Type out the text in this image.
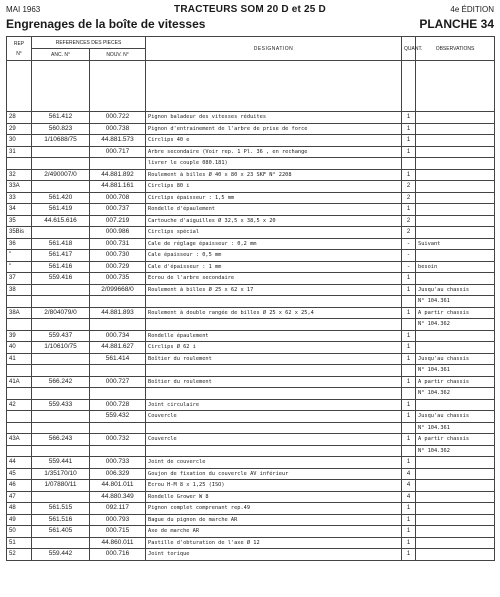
MAI 1963	TRACTEURS SOM 20 D et 25 D	4e ÉDITION
Engrenages de la boîte de vitesses	PLANCHE 34
REP
N°	REFERENCES DES PIECES		DESIGNATION	QUANT.	OBSERVATIONS
	ANC. N°	NOUV. N°			

28	561.412	000.722	Pignon baladeur des vitesses réduites	1	
29	560.823	000.738	Pignon d'entrainement de l'arbre de prise de force	1	
30	1/10688/75	44.881.573	Circlips 40 e	1	
31		000.717	Arbre secondaire (Voir rep. 1 Pl. 36 , en rechange	1	
			livrer le couple 080.181)		
32	2/490007/0	44.881.892	Roulement à billes Ø 40 x 80 x 23 SKF N° 2208	1	
33A		44.881.161	Circlips 80 i	2	
33	561.420	000.708	Circlips épaisseur : 1,5 mm	2	
34	561.419	000.737	Rondelle d'épaulement	1	
35	44.615.616	007.219	Cartouche d'aiguilles Ø 32,5 x 38,5 x 20	2	
35Bis		000.986	Circlips spécial	2	
36	561.418	000.731	Cale de réglage épaisseur : 0,2 mm	-	Suivant
"	561.417	000.730	Cale épaisseur : 0,5 mm	-	
"	561.416	000.729	Cale d'épaisseur : 1 mm	-	besoin
37	559.416	000.735	Ecrou de l'arbre secondaire	1	
38		2/099668/0	Roulement à billes Ø 25 x 62 x 17	1	Jusqu'au chassis
					N° 104.361
38A	2/804079/0	44.881.893	Roulement à double rangée de billes Ø 25 x 62 x 25,4	1	A partir chassis
					N° 104.362
39	559.437	000.734	Rondelle épaulement	1	
40	1/10610/75	44.881.627	Circlips Ø 62 i	1	
41		561.414	Boîtier du roulement	1	Jusqu'au chassis
					N° 104.361
41A	566.242	000.727	Boîtier du roulement	1	A partir chassis
					N° 104.362
42	559.433	000.728	Joint circulaire	1	
		559.432	Couvercle	1	Jusqu'au chassis
					N° 104.361
43A	566.243	000.732	Couvercle	1	A partir chassis
					N° 104.362
44	559.441	000.733	Joint de couvercle	1	
45	1/35170/10	006.329	Goujon de fixation du couvercle AV inférieur	4	
46	1/07880/11	44.801.011	Ecrou H-M 8 x 1,25 (ISO)	4	
47		44.880.349	Rondelle Grower W 8	4	
48	561.515	092.117	Pignon complet comprenant rep.49	1	
49	561.516	000.793	Bague du pignon de marche AR	1	
50	561.405	000.715	Axe de marche AR	1	
51		44.860.011	Pastille d'obturation de l'axe Ø 12	1	
52	559.442	000.716	Joint torique	1	
